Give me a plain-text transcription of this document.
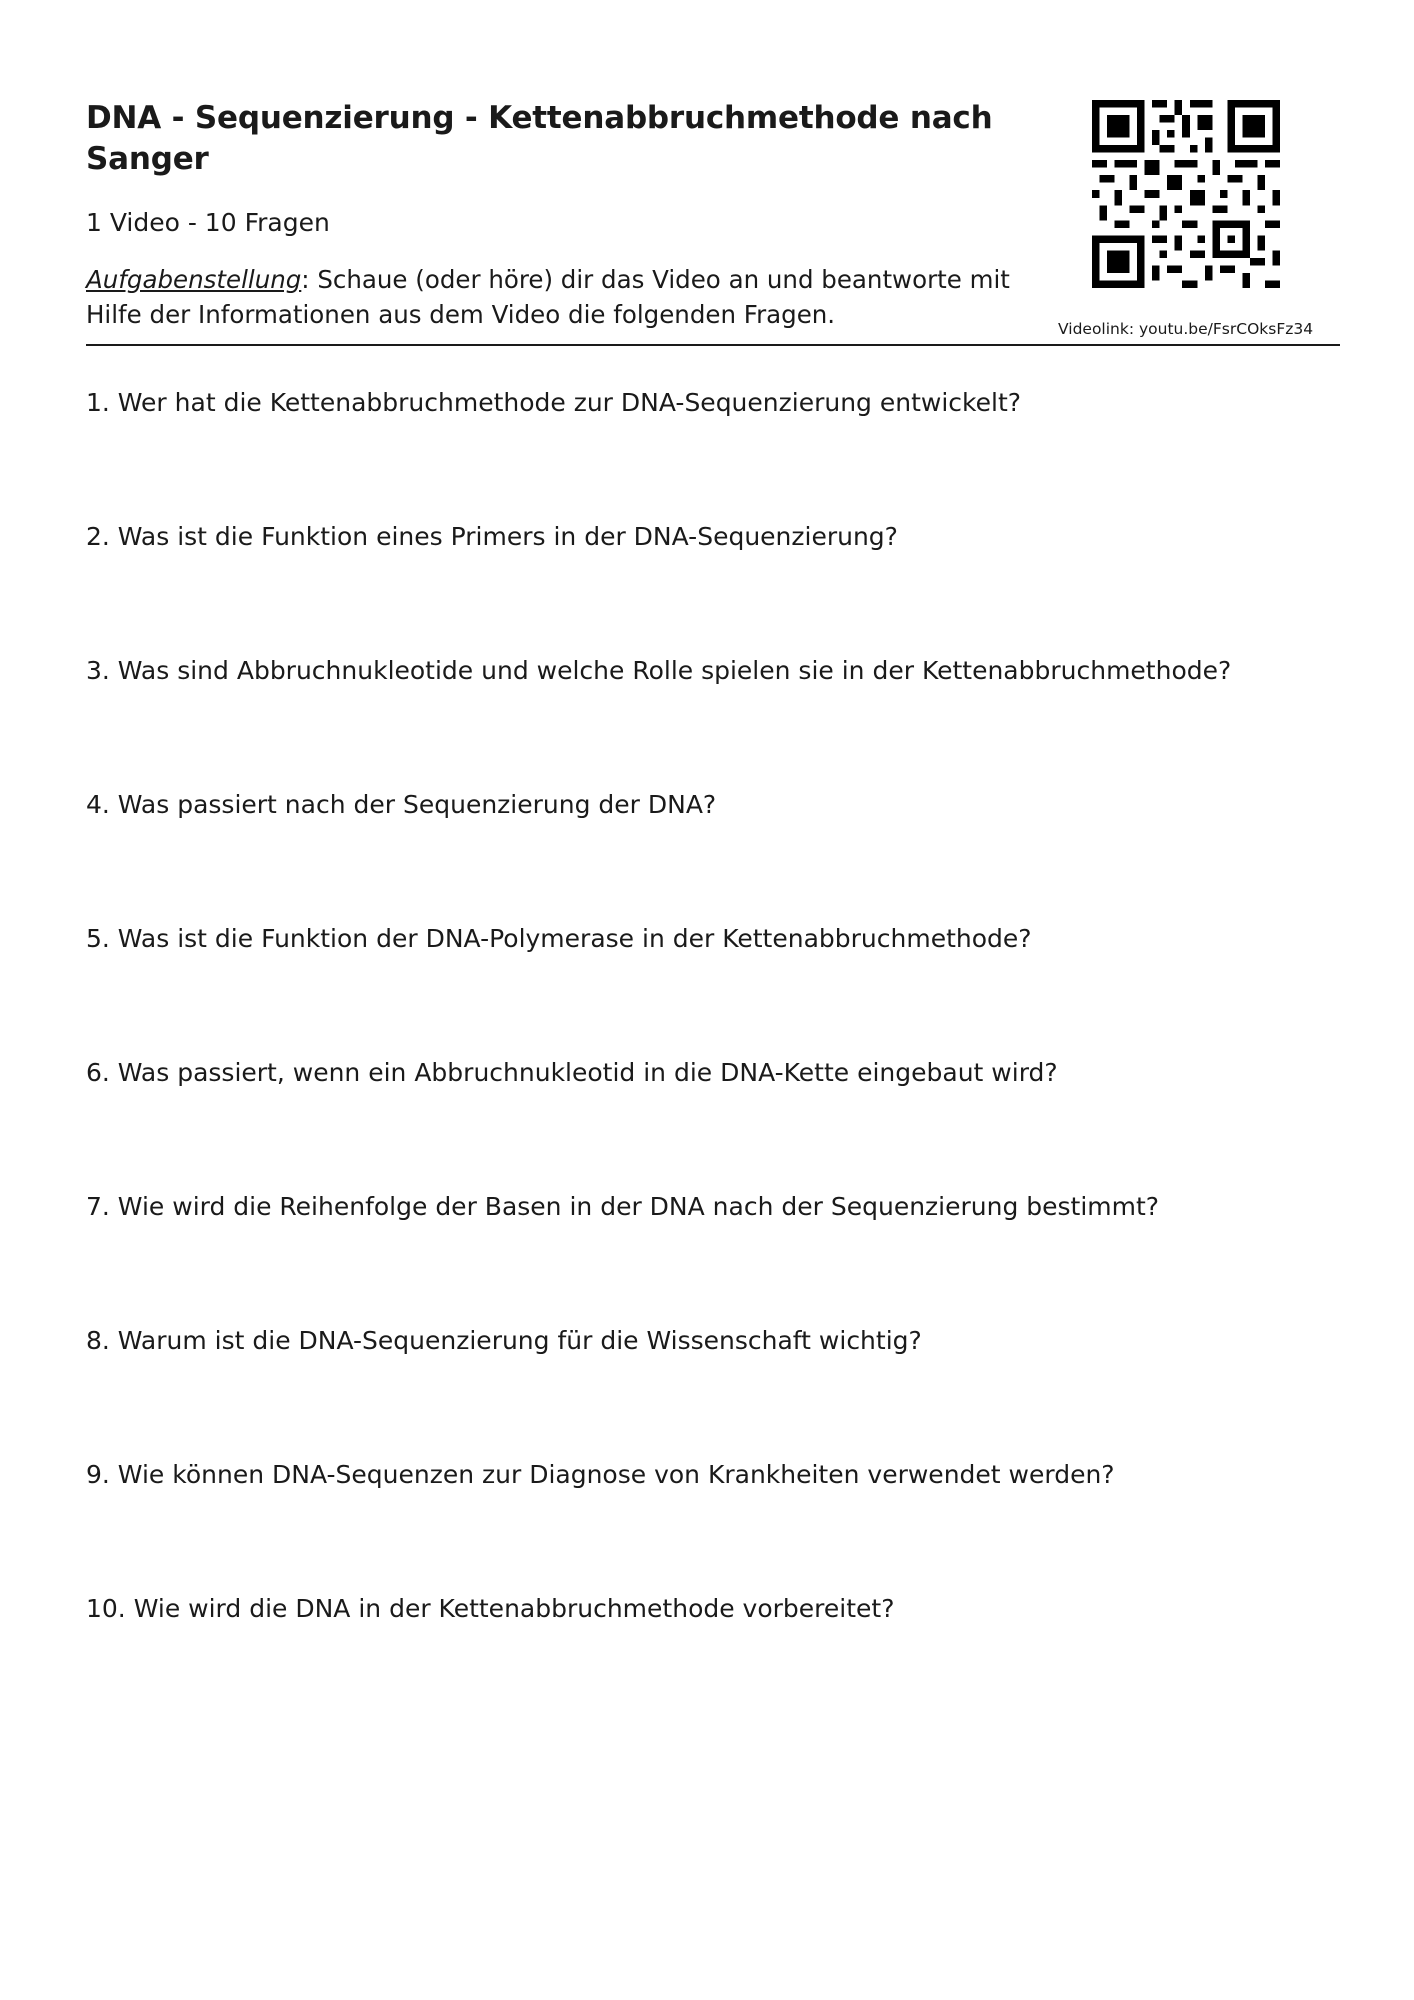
DNA - Sequenzierung - Kettenabbruchmethode nach Sanger
1 Video - 10 Fragen
Aufgabenstellung: Schaue (oder höre) dir das Video an und beantworte mit Hilfe der Informationen aus dem Video die folgenden Fragen.	Videolink: youtu.be/FsrCOksFz34
1. Wer hat die Kettenabbruchmethode zur DNA-Sequenzierung entwickelt?
2. Was ist die Funktion eines Primers in der DNA-Sequenzierung?
3. Was sind Abbruchnukleotide und welche Rolle spielen sie in der Kettenabbruchmethode?
4. Was passiert nach der Sequenzierung der DNA?
5. Was ist die Funktion der DNA-Polymerase in der Kettenabbruchmethode?
6. Was passiert, wenn ein Abbruchnukleotid in die DNA-Kette eingebaut wird?
7. Wie wird die Reihenfolge der Basen in der DNA nach der Sequenzierung bestimmt?
8. Warum ist die DNA-Sequenzierung für die Wissenschaft wichtig?
9. Wie können DNA-Sequenzen zur Diagnose von Krankheiten verwendet werden?
10. Wie wird die DNA in der Kettenabbruchmethode vorbereitet?
